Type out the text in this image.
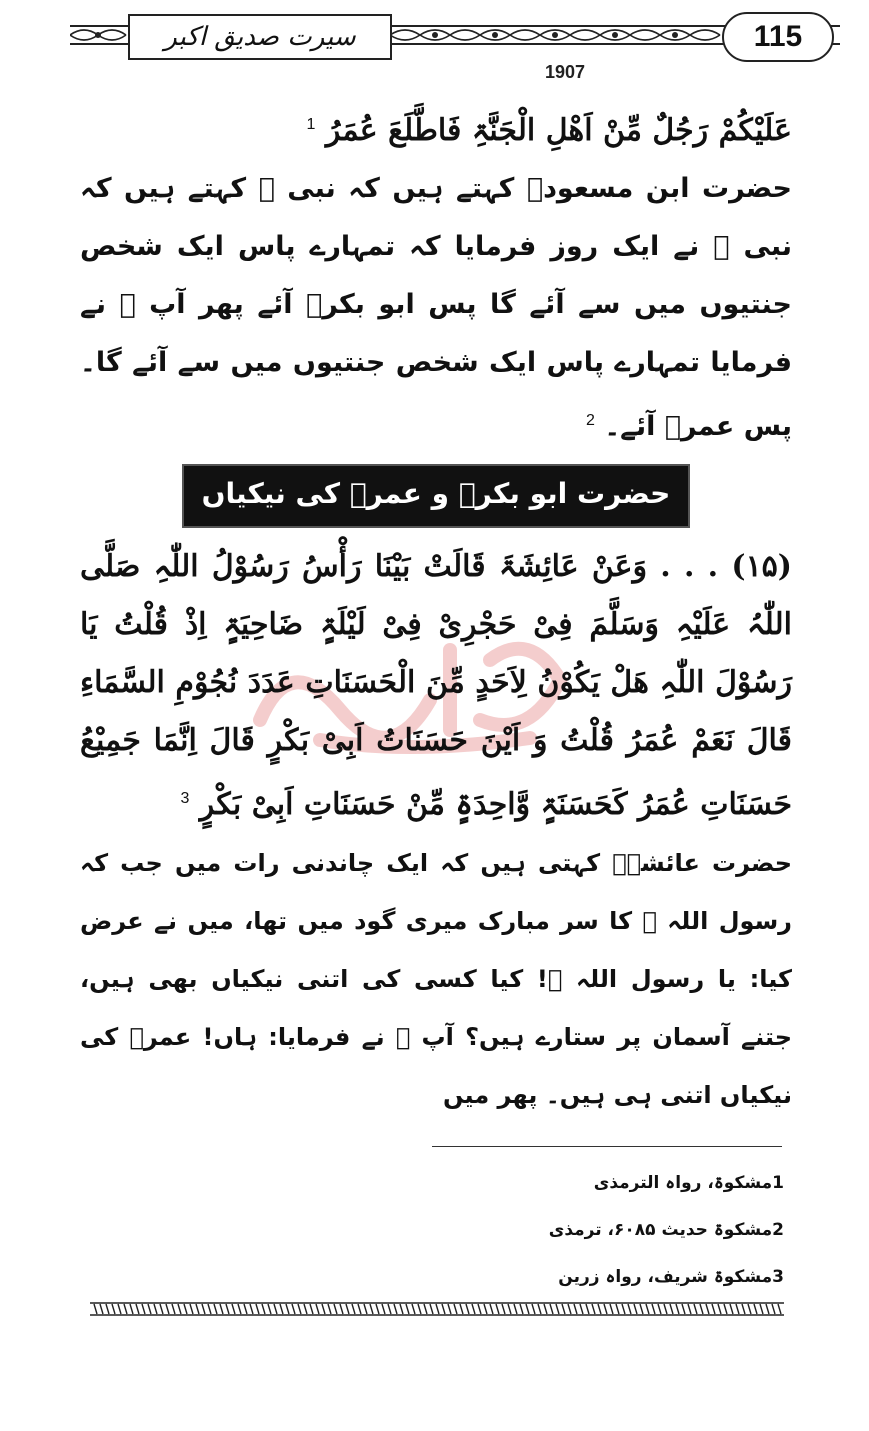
سیرت صدیق اکبر	115
1907

عَلَیْکُمْ رَجُلٌ مِّنْ اَھْلِ الْجَنَّۃِ فَاطَّلَعَ عُمَرُ $^1$

حضرت ابن مسعودؓ کہتے ہیں کہ نبی ﷺ کہتے ہیں کہ نبی ﷺ نے ایک روز فرمایا کہ تمہارے پاس ایک شخص جنتیوں میں سے آئے گا پس ابو بکرؓ آئے پھر آپ ﷺ نے فرمایا تمہارے پاس ایک شخص جنتیوں میں سے آئے گا۔ پس عمرؓ آئے۔ $^2$

حضرت ابو بکرؓ و عمرؓ کی نیکیاں

(۱۵) . . . وَعَنْ عَائِشَۃَ قَالَتْ بَیْنَا رَأْسُ رَسُوْلُ اللّٰہِ صَلَّی اللّٰہُ عَلَیْہِ وَسَلَّمَ فِیْ حَجْرِیْ فِیْ لَیْلَۃٍ ضَاحِیَۃٍ اِذْ قُلْتُ یَا رَسُوْلَ اللّٰہِ ھَلْ یَکُوْنُ لِاَحَدٍ مِّنَ الْحَسَنَاتِ عَدَدَ نُجُوْمِ السَّمَاءِ قَالَ نَعَمْ عُمَرُ قُلْتُ وَ اَیْنَ حَسَنَاتُ اَبِیْ بَکْرٍ قَالَ اِنَّمَا جَمِیْعُ حَسَنَاتِ عُمَرُ کَحَسَنَۃٍ وَّاحِدَۃٍ مِّنْ حَسَنَاتِ اَبِیْ بَکْرٍ $^3$

حضرت عائشہؓ کہتی ہیں کہ ایک چاندنی رات میں جب کہ رسول اللہ ﷺ کا سر مبارک میری گود میں تھا، میں نے عرض کیا: یا رسول اللہ ﷺ! کیا کسی کی اتنی نیکیاں بھی ہیں، جتنے آسمان پر ستارے ہیں؟ آپ ﷺ نے فرمایا: ہاں! عمرؓ کی نیکیاں اتنی ہی ہیں۔ پھر میں

1مشکوۃ، رواہ الترمذی
2مشکوۃ حدیث ۶۰۸۵، ترمذی
3مشکوۃ شریف، رواہ زرین
